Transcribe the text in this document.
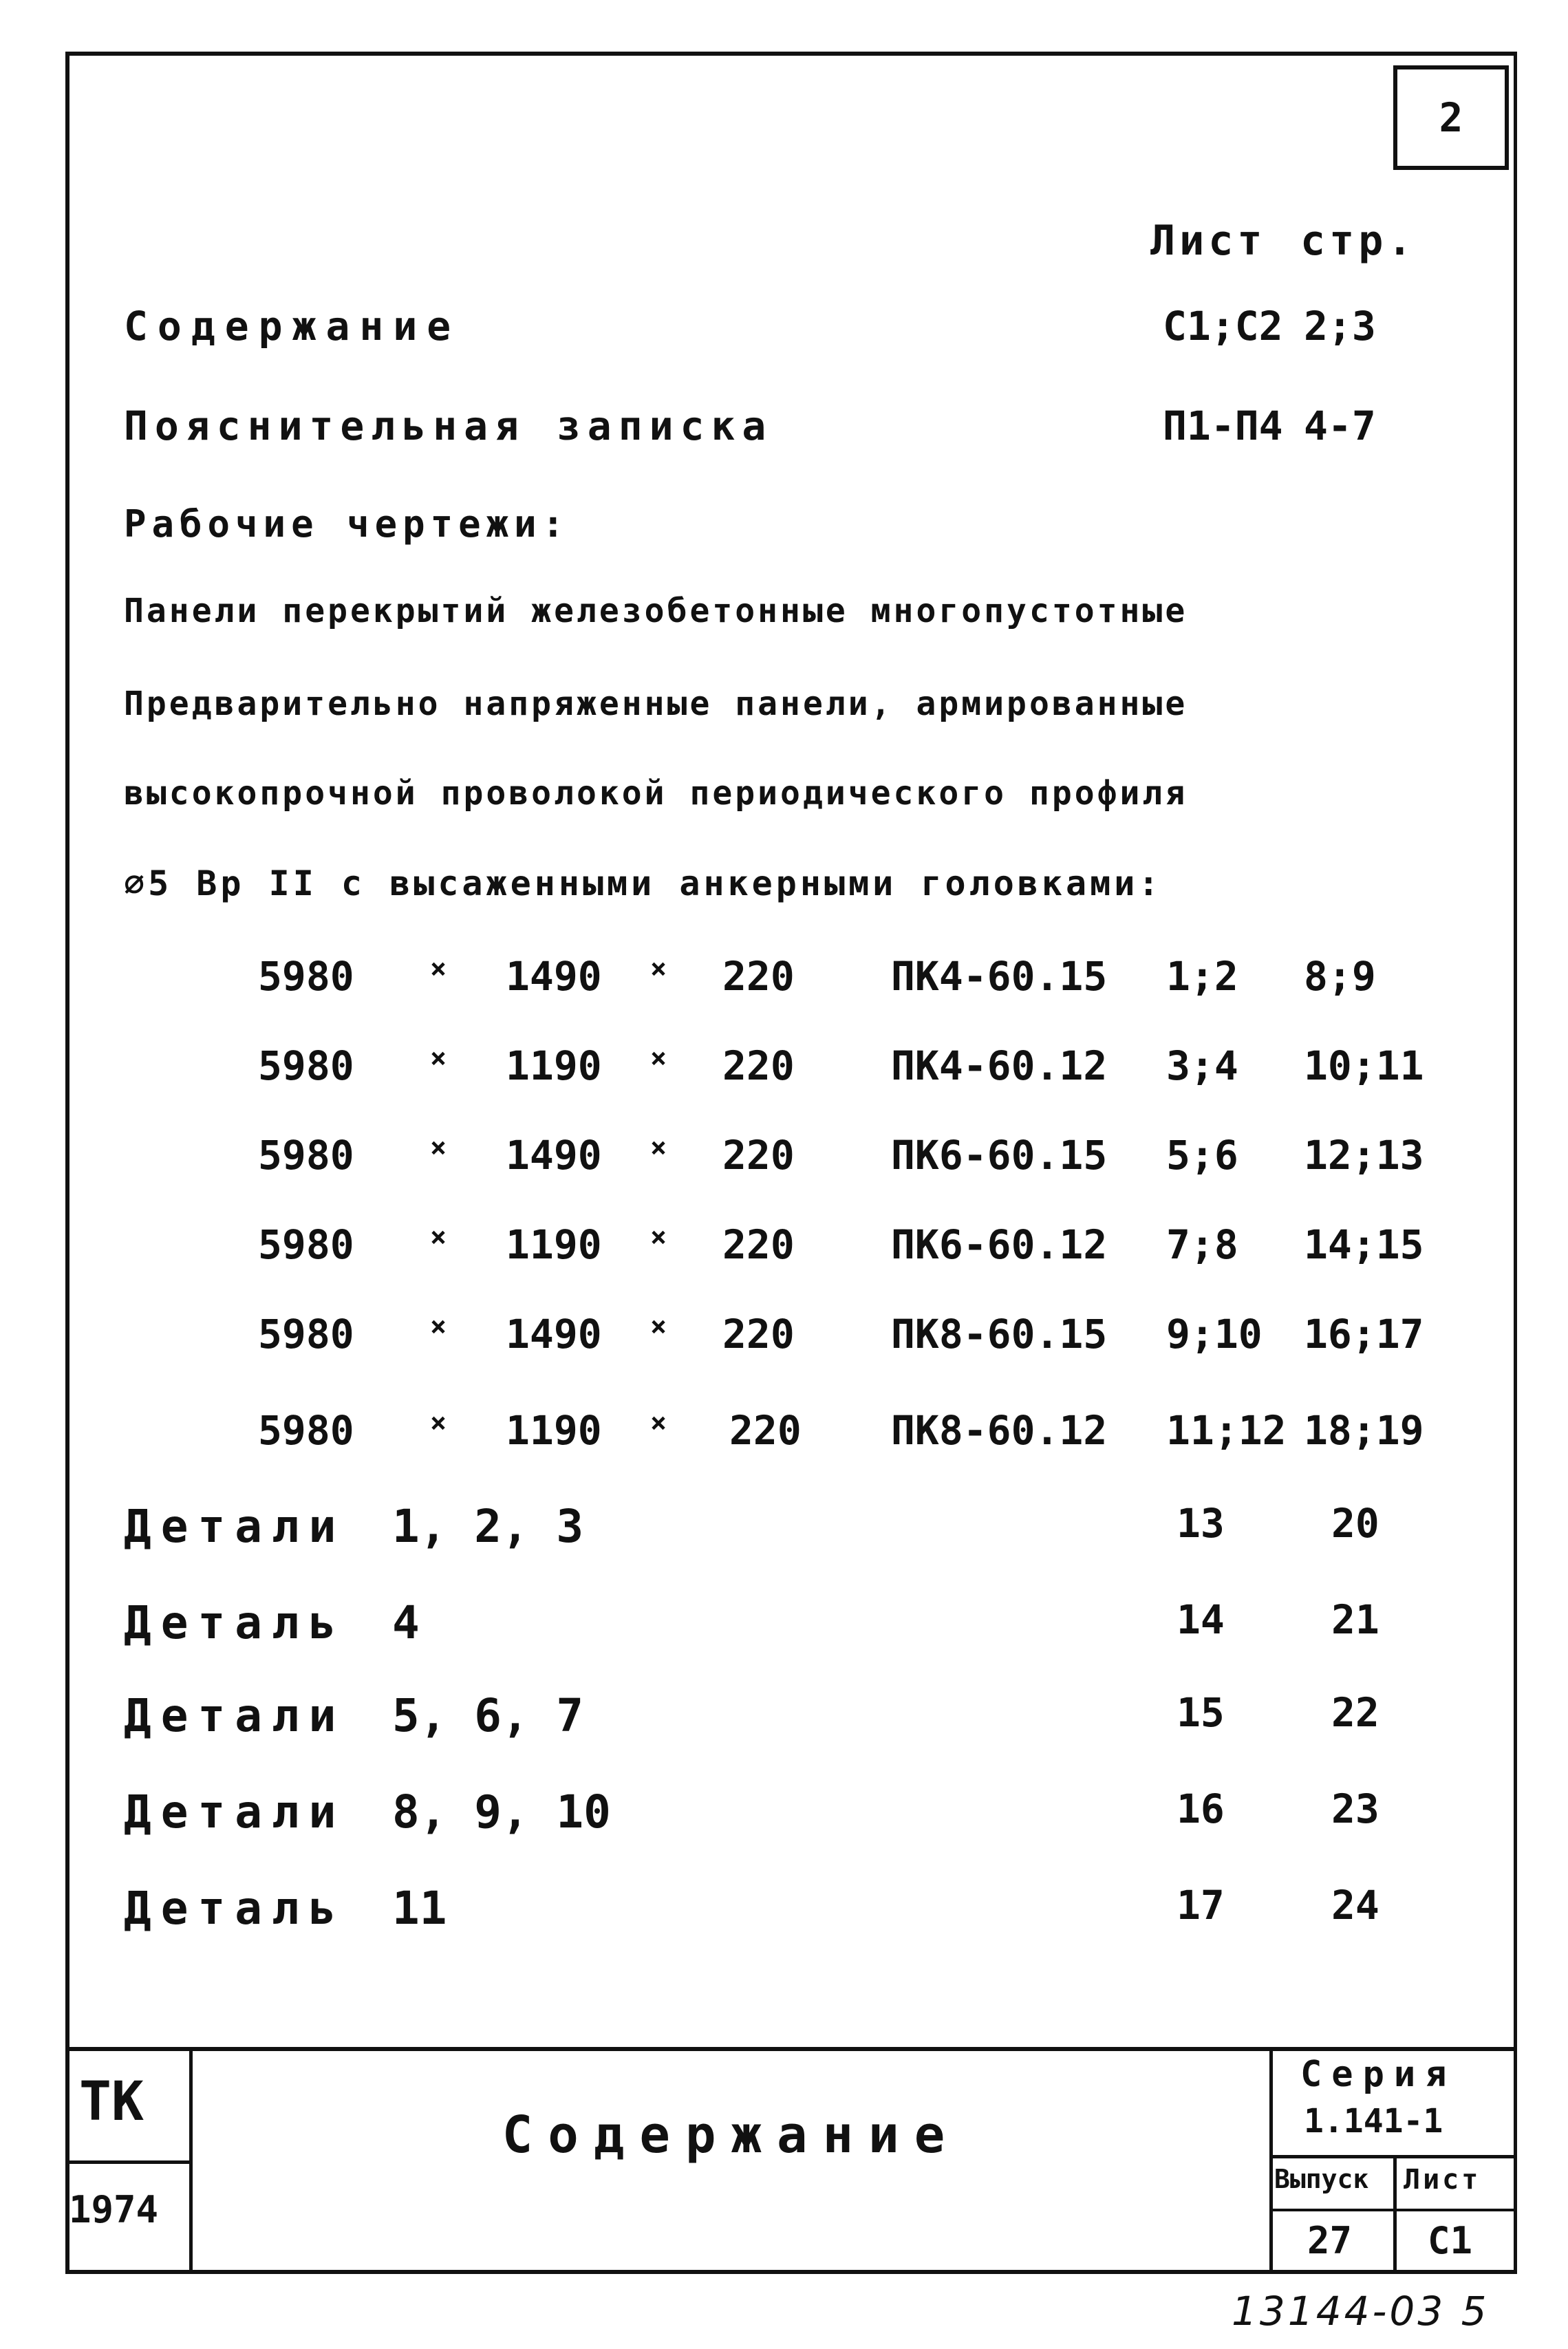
2
Лист стр.
Содержание	С1;С2 2;3
Пояснительная записка	П1-П4 4-7
Рабочие чертежи:
Панели перекрытий железобетонные многопустотные
Предварительно напряженные панели, армированные
высокопрочной проволокой периодического профиля
⌀5 Вр II с высаженными анкерными головками:
5980	× 1490 × 220 ПК4-60.15 1;2 8;9
5980	× 1190 × 220 ПК4-60.12 3;4 10;11
5980	× 1490 × 220 ПК6-60.15 5;6 12;13
5980	× 1190 × 220 ПК6-60.12 7;8 14;15
5980	× 1490 × 220 ПК8-60.15 9;10 16;17
5980	× 1190 × 220 ПК8-60.12 11;12 18;19
Детали 1, 2, 3	13	20
Деталь 4	14	21
Детали 5, 6, 7	15	22
Детали 8, 9, 10	16	23
Деталь 11	17	24
ТК
1974
Содержание
Серия
1.141-1
Выпуск
27
Лист
С1
13144-03 5
